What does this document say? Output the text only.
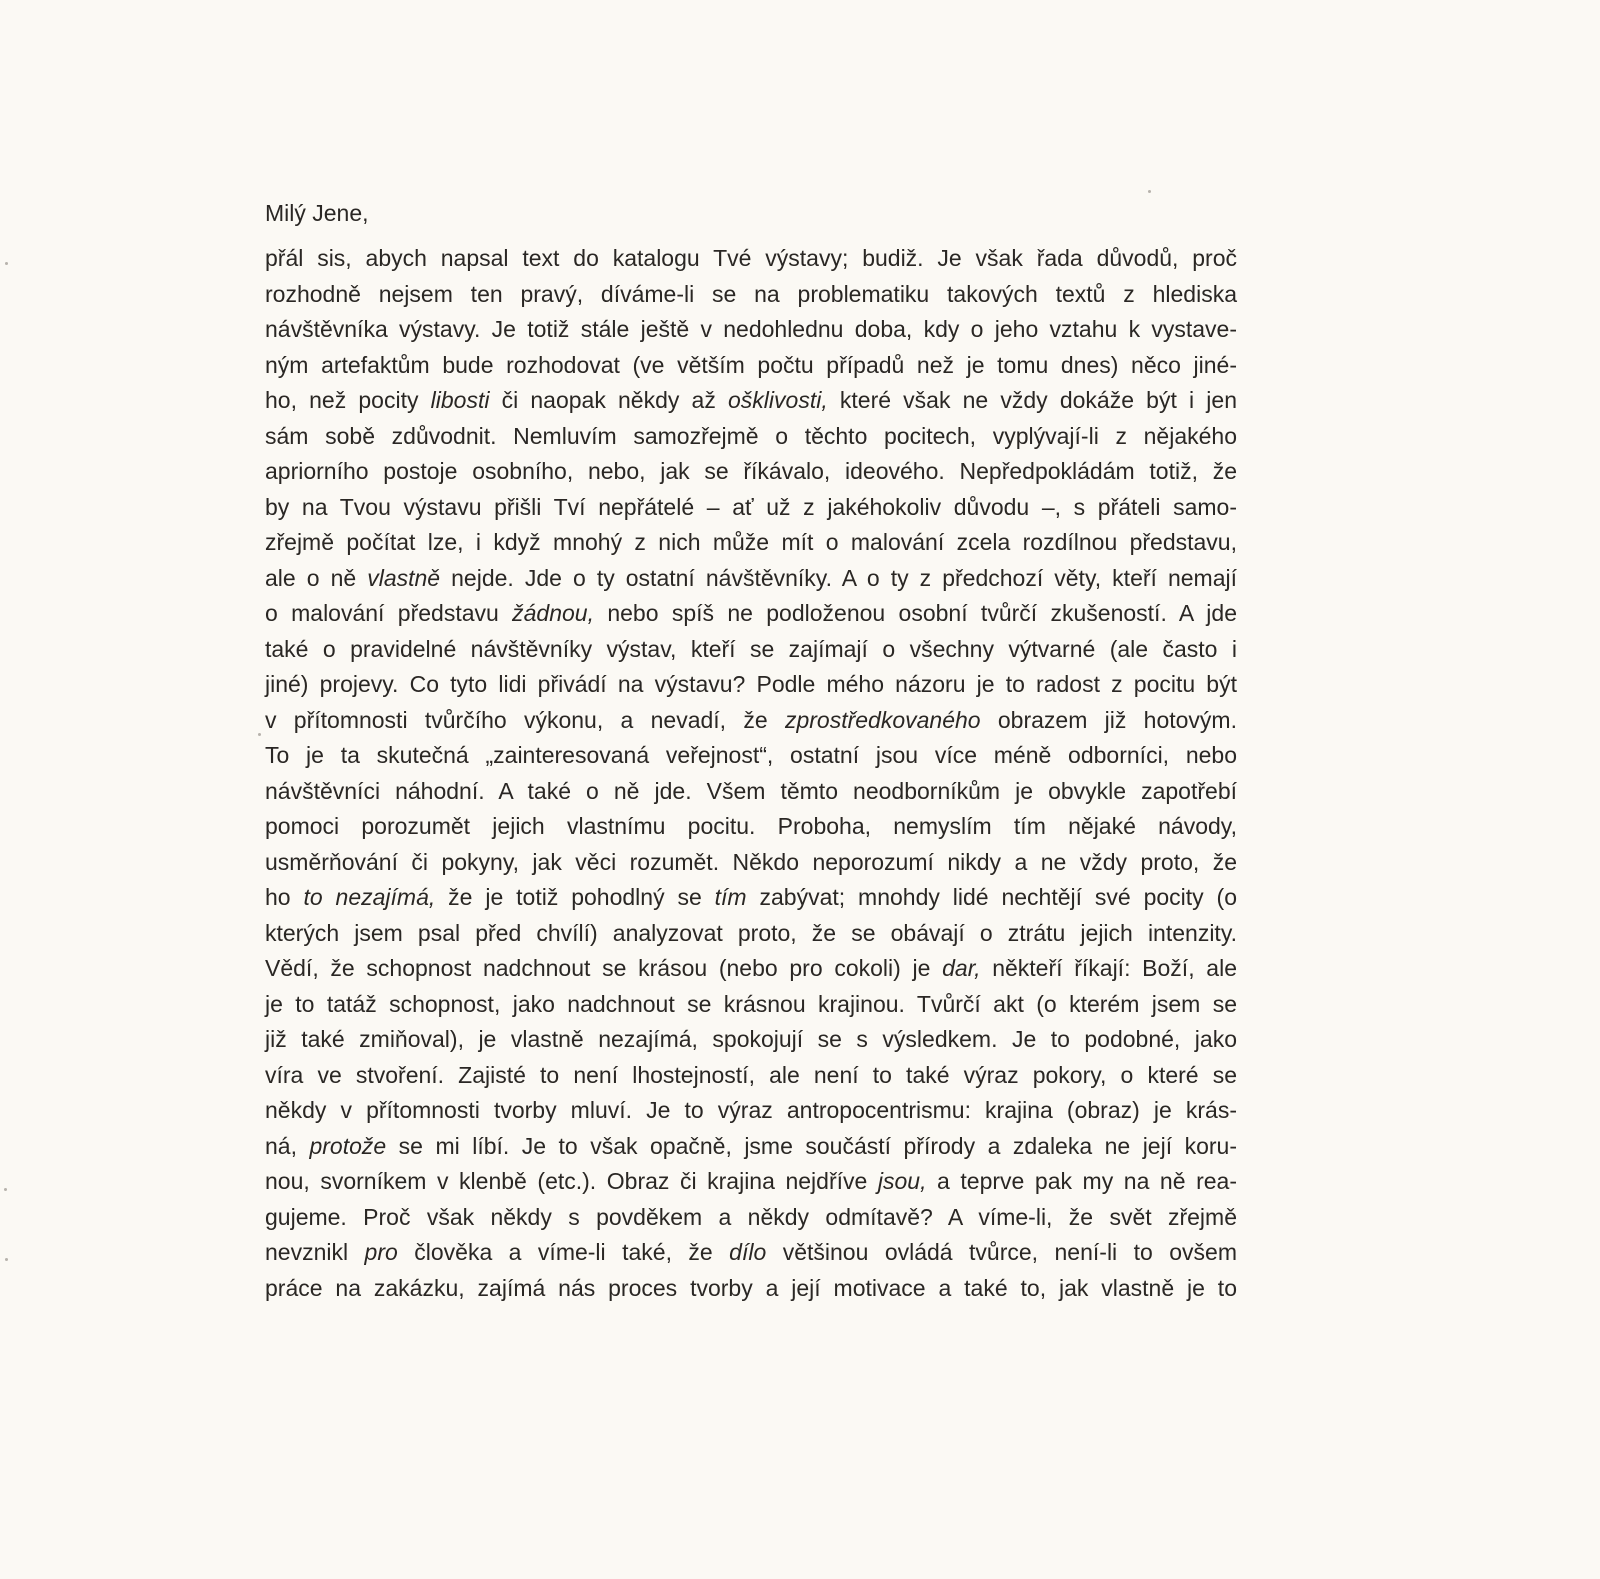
Milý Jene,
přál sis, abych napsal text do katalogu Tvé výstavy; budiž. Je však řada důvodů, proč
rozhodně nejsem ten pravý, díváme-li se na problematiku takových textů z hlediska
návštěvníka výstavy. Je totiž stále ještě v nedohlednu doba, kdy o jeho vztahu k vystave-
ným artefaktům bude rozhodovat (ve větším počtu případů než je tomu dnes) něco jiné-
ho, než pocity libosti či naopak někdy až ošklivosti, které však ne vždy dokáže být i jen
sám sobě zdůvodnit. Nemluvím samozřejmě o těchto pocitech, vyplývají-li z nějakého
apriorního postoje osobního, nebo, jak se říkávalo, ideového. Nepředpokládám totiž, že
by na Tvou výstavu přišli Tví nepřátelé – ať už z jakéhokoliv důvodu –, s přáteli samo-
zřejmě počítat lze, i když mnohý z nich může mít o malování zcela rozdílnou představu,
ale o ně vlastně nejde. Jde o ty ostatní návštěvníky. A o ty z předchozí věty, kteří nemají
o malování představu žádnou, nebo spíš ne podloženou osobní tvůrčí zkušeností. A jde
také o pravidelné návštěvníky výstav, kteří se zajímají o všechny výtvarné (ale často i
jiné) projevy. Co tyto lidi přivádí na výstavu? Podle mého názoru je to radost z pocitu být
v přítomnosti tvůrčího výkonu, a nevadí, že zprostředkovaného obrazem již hotovým.
To je ta skutečná „zainteresovaná veřejnost“, ostatní jsou více méně odborníci, nebo
návštěvníci náhodní. A také o ně jde. Všem těmto neodborníkům je obvykle zapotřebí
pomoci porozumět jejich vlastnímu pocitu. Proboha, nemyslím tím nějaké návody,
usměrňování či pokyny, jak věci rozumět. Někdo neporozumí nikdy a ne vždy proto, že
ho to nezajímá, že je totiž pohodlný se tím zabývat; mnohdy lidé nechtějí své pocity (o
kterých jsem psal před chvílí) analyzovat proto, že se obávají o ztrátu jejich intenzity.
Vědí, že schopnost nadchnout se krásou (nebo pro cokoli) je dar, někteří říkají: Boží, ale
je to tatáž schopnost, jako nadchnout se krásnou krajinou. Tvůrčí akt (o kterém jsem se
již také zmiňoval), je vlastně nezajímá, spokojují se s výsledkem. Je to podobné, jako
víra ve stvoření. Zajisté to není lhostejností, ale není to také výraz pokory, o které se
někdy v přítomnosti tvorby mluví. Je to výraz antropocentrismu: krajina (obraz) je krás-
ná, protože se mi líbí. Je to však opačně, jsme součástí přírody a zdaleka ne její koru-
nou, svorníkem v klenbě (etc.). Obraz či krajina nejdříve jsou, a teprve pak my na ně rea-
gujeme. Proč však někdy s povděkem a někdy odmítavě? A víme-li, že svět zřejmě
nevznikl pro člověka a víme-li také, že dílo většinou ovládá tvůrce, není-li to ovšem
práce na zakázku, zajímá nás proces tvorby a její motivace a také to, jak vlastně je to
